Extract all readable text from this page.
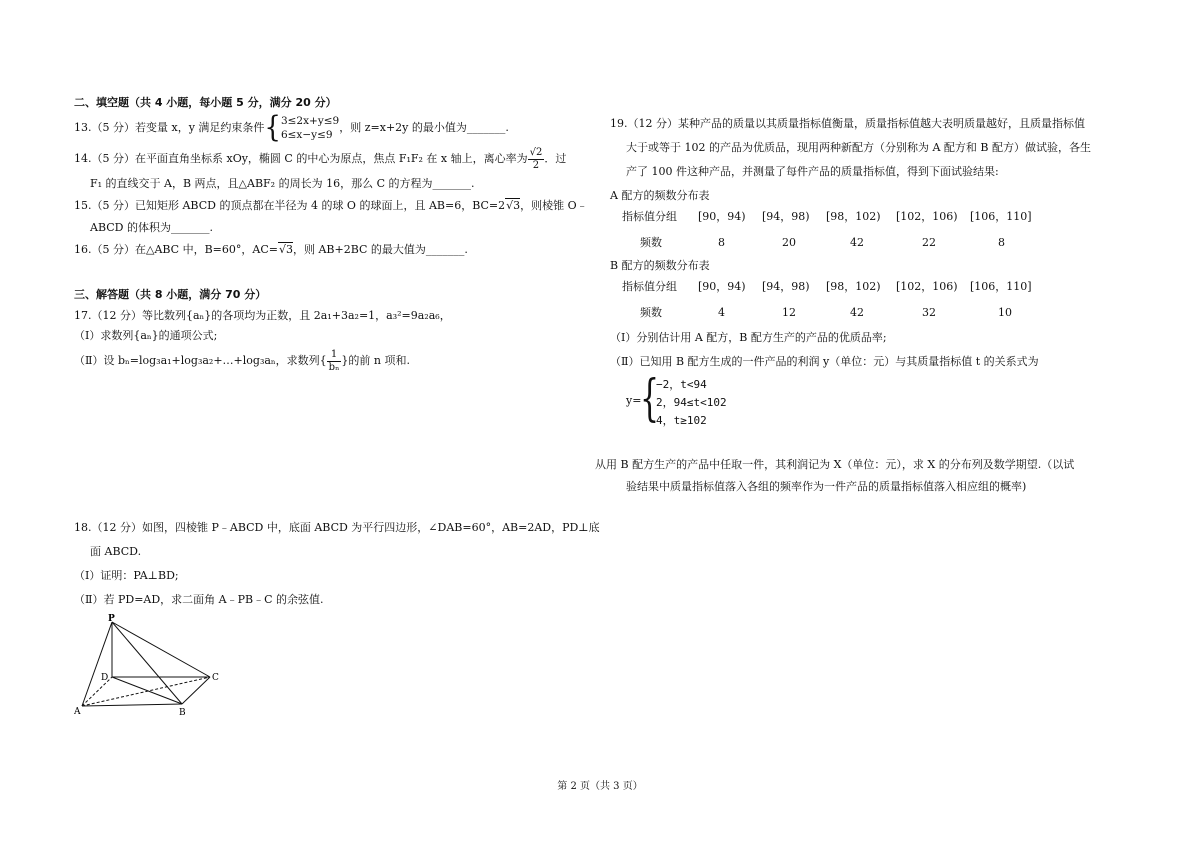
二、填空题（共 4 小题，每小题 5 分，满分 20 分）
13.（5 分）若变量 x，y 满足约束条件{ 3≤2x+y≤9
6≤x−y≤9
，则 z=x+2y 的最小值为_______.
14.（5 分）在平面直角坐标系 xOy，椭圆 C 的中心为原点，焦点 F₁F₂ 在 x 轴上，离心率为 $\frac{√2}{2}$ ．过
F₁ 的直线交于 A，B 两点，且△ABF₂ 的周长为 16，那么 C 的方程为_______.
15.（5 分）已知矩形 ABCD 的顶点都在半径为 4 的球 O 的球面上，且 AB=6，BC=2√3，则棱锥 O﹣
ABCD 的体积为_______.
16.（5 分）在△ABC 中，B=60°，AC=√3，则 AB+2BC 的最大值为_______.
三、解答题（共 8 小题，满分 70 分）
17.（12 分）等比数列{aₙ}的各项均为正数，且 2a₁+3a₂=1，a₃²=9a₂a₆，
（Ⅰ）求数列{aₙ}的通项公式;
（Ⅱ）设 bₙ=log₃a₁+log₃a₂+…+log₃aₙ，求数列{ $\frac{1}{\text{bₙ}}$ }的前 n 项和.
18.（12 分）如图，四棱锥 P﹣ABCD 中，底面 ABCD 为平行四边形，∠DAB=60°，AB=2AD，PD⊥底
面 ABCD.
（Ⅰ）证明：PA⊥BD;
（Ⅱ）若 PD=AD，求二面角 A﹣PB﹣C 的余弦值.
P
D	C
A	B
19.（12 分）某种产品的质量以其质量指标值衡量，质量指标值越大表明质量越好，且质量指标值
大于或等于 102 的产品为优质品，现用两种新配方（分别称为 A 配方和 B 配方）做试验，各生
产了 100 件这种产品，并测量了每件产品的质量指标值，得到下面试验结果:
A 配方的频数分布表
指标值分组	[90，94)	[94，98)	[98，102)	[102，106)	[106，110]
频数	8	20	42	22	8
B 配方的频数分布表
指标值分组	[90，94)	[94，98)	[98，102)	[102，106)	[106，110]
频数	4	12	42	32	10
（Ⅰ）分别估计用 A 配方，B 配方生产的产品的优质品率;
（Ⅱ）已知用 B 配方生成的一件产品的利润 y（单位：元）与其质量指标值 t 的关系式为
y=
{
−2，t<94
2，94≤t<102
4，t≥102
从用 B 配方生产的产品中任取一件，其利润记为 X（单位：元），求 X 的分布列及数学期望.（以试
验结果中质量指标值落入各组的频率作为一件产品的质量指标值落入相应组的概率)
第 2 页（共 3 页）
